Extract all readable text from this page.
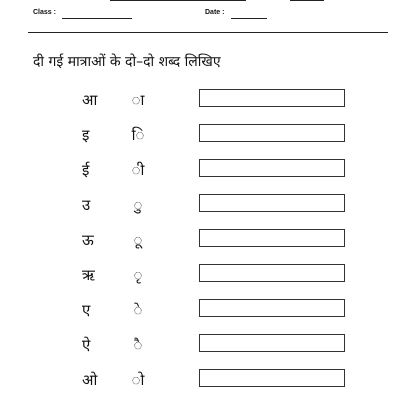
Class :	Date :
दी गई मात्राओं के दो–दो शब्द लिखिए
आ ा
इ	ि
ई	ी
उ	ु
ऊ	ू
ऋ	ृ
ए	े
ऐ	ै
ओ ो
